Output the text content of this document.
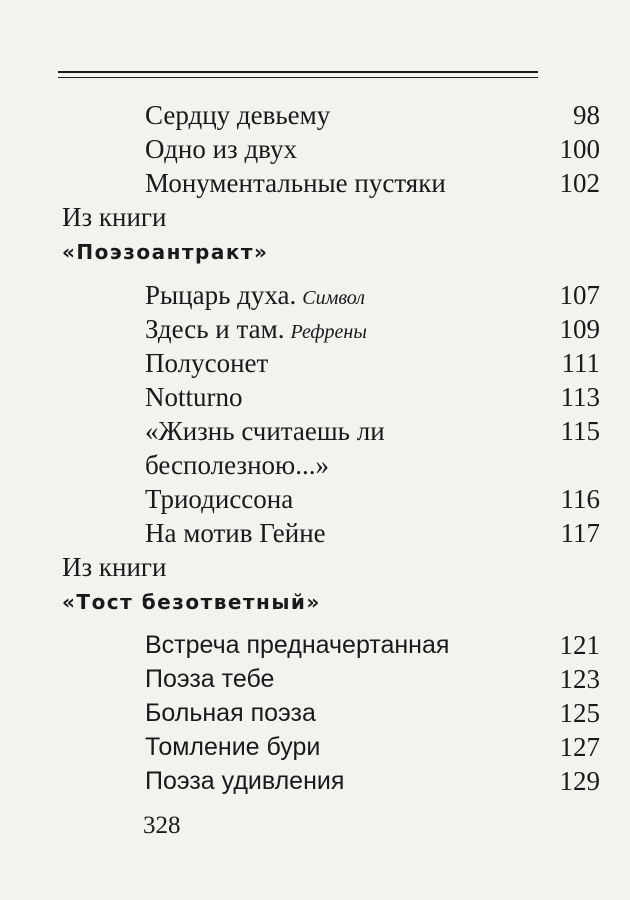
Сердцу девьему	98
Одно из двух	100
Монументальные пустяки	102
Из книги
«Поэзоантракт»
Рыцарь духа. Символ	107
Здесь и там. Рефрены	109
Полусонет	111
Notturno	113
«Жизнь считаешь ли	115
бесполезною...»
Триодиссона	116
На мотив Гейне	117
Из книги
«Тост безответный»
Встреча предначертанная	121
Поэза тебе	123
Больная поэза	125
Томление бури	127
Поэза удивления	129
328
